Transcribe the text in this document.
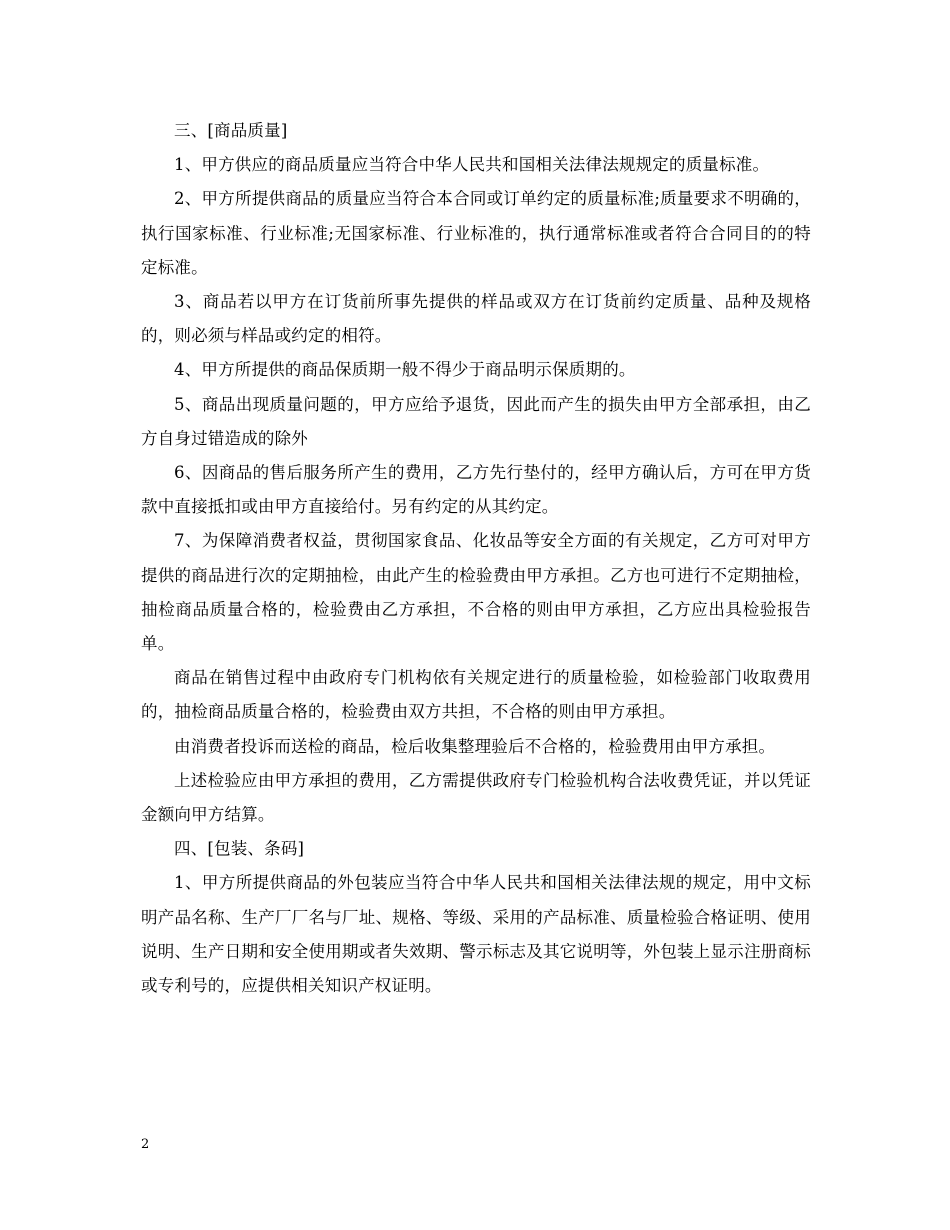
三、[商品质量]

1、甲方供应的商品质量应当符合中华人民共和国相关法律法规规定的质量标准。

2、甲方所提供商品的质量应当符合本合同或订单约定的质量标准;质量要求不明确的，执行国家标准、行业标准;无国家标准、行业标准的，执行通常标准或者符合合同目的的特定标准。

3、商品若以甲方在订货前所事先提供的样品或双方在订货前约定质量、品种及规格的，则必须与样品或约定的相符。

4、甲方所提供的商品保质期一般不得少于商品明示保质期的。

5、商品出现质量问题的，甲方应给予退货，因此而产生的损失由甲方全部承担，由乙方自身过错造成的除外

6、因商品的售后服务所产生的费用，乙方先行垫付的，经甲方确认后，方可在甲方货款中直接抵扣或由甲方直接给付。另有约定的从其约定。

7、为保障消费者权益，贯彻国家食品、化妆品等安全方面的有关规定，乙方可对甲方提供的商品进行次的定期抽检，由此产生的检验费由甲方承担。乙方也可进行不定期抽检，抽检商品质量合格的，检验费由乙方承担，不合格的则由甲方承担，乙方应出具检验报告单。

商品在销售过程中由政府专门机构依有关规定进行的质量检验，如检验部门收取费用的，抽检商品质量合格的，检验费由双方共担，不合格的则由甲方承担。

由消费者投诉而送检的商品，检后收集整理验后不合格的，检验费用由甲方承担。

上述检验应由甲方承担的费用，乙方需提供政府专门检验机构合法收费凭证，并以凭证金额向甲方结算。

四、[包装、条码]

1、甲方所提供商品的外包装应当符合中华人民共和国相关法律法规的规定，用中文标明产品名称、生产厂厂名与厂址、规格、等级、采用的产品标准、质量检验合格证明、使用说明、生产日期和安全使用期或者失效期、警示标志及其它说明等，外包装上显示注册商标或专利号的，应提供相关知识产权证明。

2
